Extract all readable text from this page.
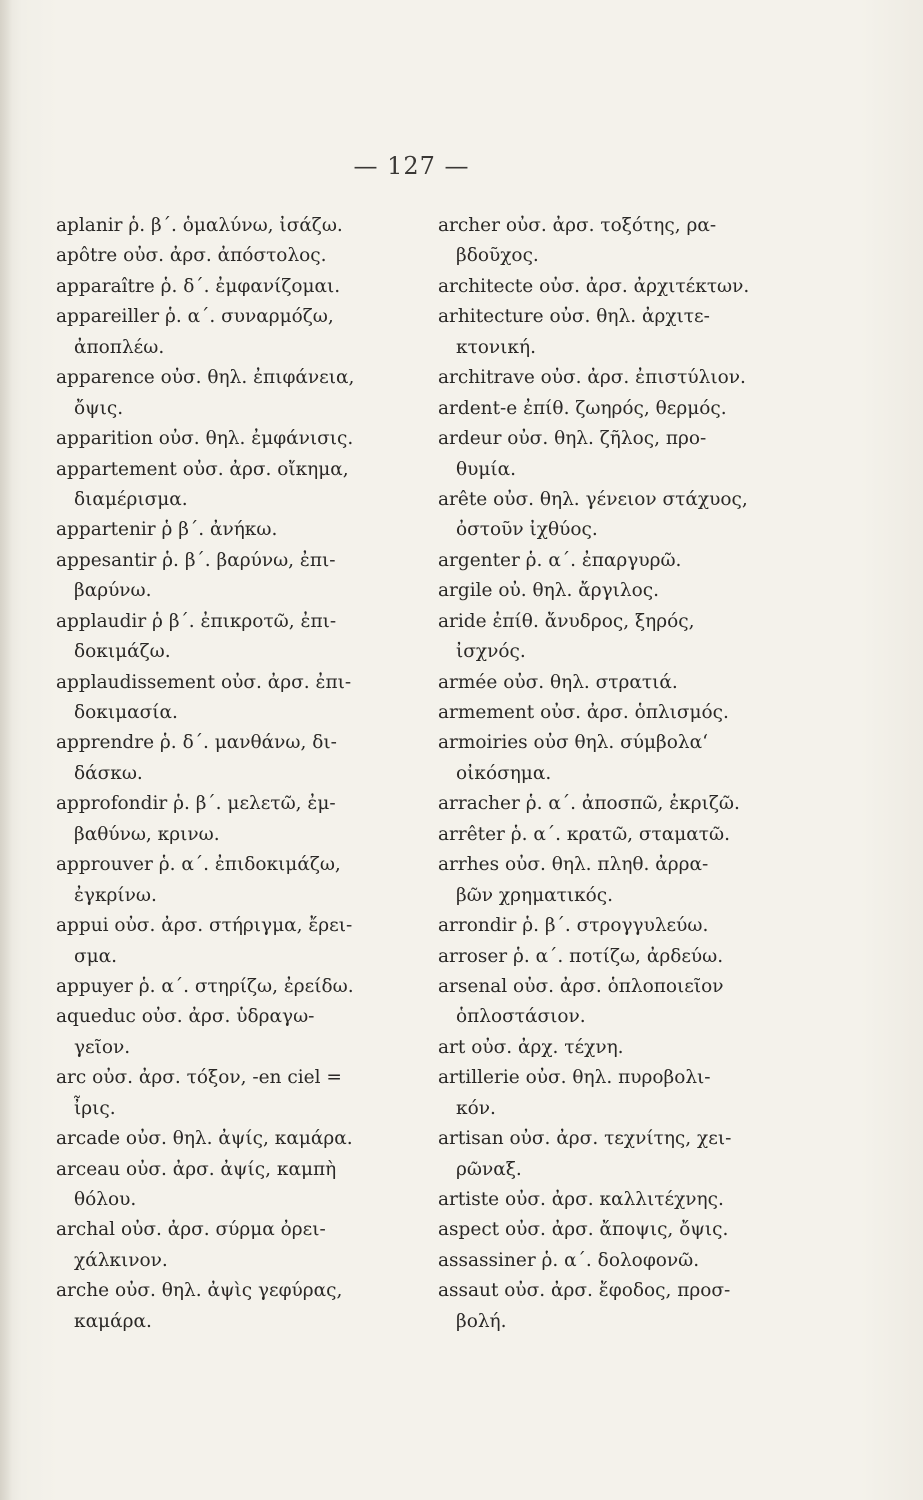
— 127 —
aplanir ῥ. β΄. ὁμαλύνω, ἰσάζω.
apôtre οὐσ. ἀρσ. ἀπόστολος.
apparaître ῥ. δ΄. ἐμφανίζομαι.
appareiller ῥ. α΄. συναρμόζω,
ἀποπλέω.
apparence οὐσ. θηλ. ἐπιφάνεια,
ὄψις.
apparition οὐσ. θηλ. ἐμφάνισις.
appartement οὐσ. ἀρσ. οἴκημα,
διαμέρισμα.
appartenir ῥ β΄. ἀνήκω.
appesantir ῥ. β΄. βαρύνω, ἐπι-
βαρύνω.
applaudir ῥ β΄. ἐπικροτῶ, ἐπι-
δοκιμάζω.
applaudissement οὐσ. ἀρσ. ἐπι-
δοκιμασία.
apprendre ῥ. δ΄. μανθάνω, δι-
δάσκω.
approfondir ῥ. β΄. μελετῶ, ἐμ-
βαθύνω, κρινω.
approuver ῥ. α΄. ἐπιδοκιμάζω,
ἐγκρίνω.
appui οὐσ. ἀρσ. στήριγμα, ἔρει-
σμα.
appuyer ῥ. α΄. στηρίζω, ἐρείδω.
aqueduc οὐσ. ἀρσ. ὑδραγω-
γεῖον.
arc οὐσ. ἀρσ. τόξον, -en ciel =
ἶρις.
arcade οὐσ. θηλ. ἀψίς, καμάρα.
arceau οὐσ. ἀρσ. ἀψίς, καμπὴ
θόλου.
archal οὐσ. ἀρσ. σύρμα ὀρει-
χάλκινον.
arche οὐσ. θηλ. ἀψὶς γεφύρας,
καμάρα.
archer οὐσ. ἀρσ. τοξότης, ρα-
βδοῦχος.
architecte οὐσ. ἀρσ. ἀρχιτέκτων.
arhitecture οὐσ. θηλ. ἀρχιτε-
κτονική.
architrave οὐσ. ἀρσ. ἐπιστύλιον.
ardent-e ἐπίθ. ζωηρός, θερμός.
ardeur οὐσ. θηλ. ζῆλος, προ-
θυμία.
arête οὐσ. θηλ. γένειον στάχυος,
ὀστοῦν ἰχθύος.
argenter ῥ. α΄. ἐπαργυρῶ.
argile οὐ. θηλ. ἄργιλος.
aride ἐπίθ. ἄνυδρος, ξηρός,
ἰσχνός.
armée οὐσ. θηλ. στρατιά.
armement οὐσ. ἀρσ. ὁπλισμός.
armoiries οὐσ θηλ. σύμβολα‘
οἰκόσημα.
arracher ῥ. α΄. ἀποσπῶ, ἐκριζῶ.
arrêter ῥ. α΄. κρατῶ, σταματῶ.
arrhes οὐσ. θηλ. πληθ. ἀρρα-
βῶν χρηματικός.
arrondir ῥ. β΄. στρογγυλεύω.
arroser ῥ. α΄. ποτίζω, ἀρδεύω.
arsenal οὐσ. ἀρσ. ὁπλοποιεῖον
ὁπλοστάσιον.
art οὐσ. ἀρχ. τέχνη.
artillerie οὐσ. θηλ. πυροβολι-
κόν.
artisan οὐσ. ἀρσ. τεχνίτης, χει-
ρῶναξ.
artiste οὐσ. ἀρσ. καλλιτέχνης.
aspect οὐσ. ἀρσ. ἄποψις, ὄψις.
assassiner ῥ. α΄. δολοφονῶ.
assaut οὐσ. ἀρσ. ἔφοδος, προσ-
βολή.
